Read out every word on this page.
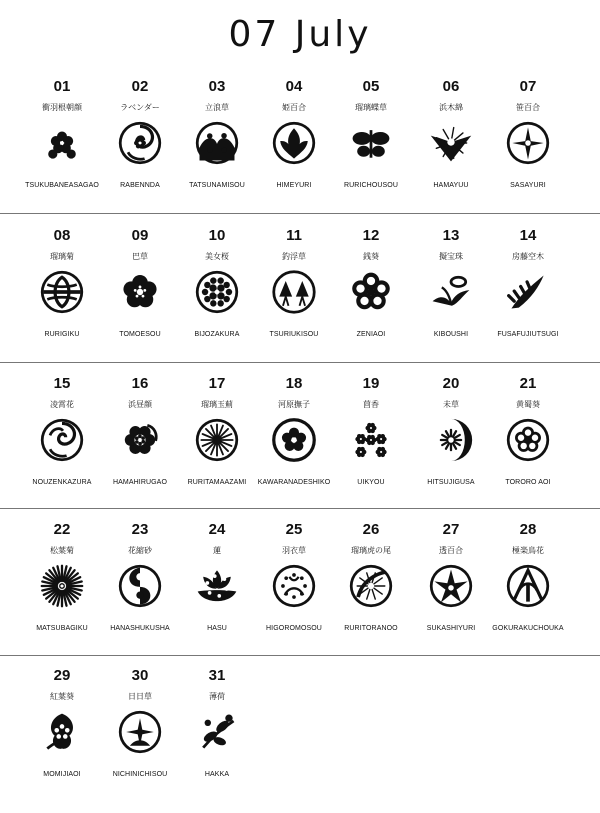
07 July
01
衝羽根朝顔
TSUKUBANEASAGAO
02
ラベンダー
RABENNDA
03
立浪草
TATSUNAMISOU
04
姫百合
HIMEYURI
05
瑠璃蝶草
RURICHOUSOU
06
浜木綿
HAMAYUU
07
笹百合
SASAYURI
08
瑠璃菊
RURIGIKU
09
巴草
TOMOESOU
10
美女桜
BIJOZAKURA
11
釣浮草
TSURIUKISOU
12
銭葵
ZENIAOI
13
擬宝珠
KIBOUSHI
14
房藤空木
FUSAFUJIUTSUGI
15
凌霄花
NOUZENKAZURA
16
浜昼顔
HAMAHIRUGAO
17
瑠璃玉薊
RURITAMAAZAMI
18
河原撫子
KAWARANADESHIKO
19
茴香
UIKYOU
20
未草
HITSUJIGUSA
21
黄蜀葵
TORORO AOI
22
松葉菊
MATSUBAGIKU
23
花縮砂
HANASHUKUSHA
24
蓮
HASU
25
羽衣草
HIGOROMOSOU
26
瑠璃虎の尾
RURITORANOO
27
透百合
SUKASHIYURI
28
極楽鳥花
GOKURAKUCHOUKA
29
紅葉葵
MOMIJIAOI
30
日日草
NICHINICHISOU
31
薄荷
HAKKA
